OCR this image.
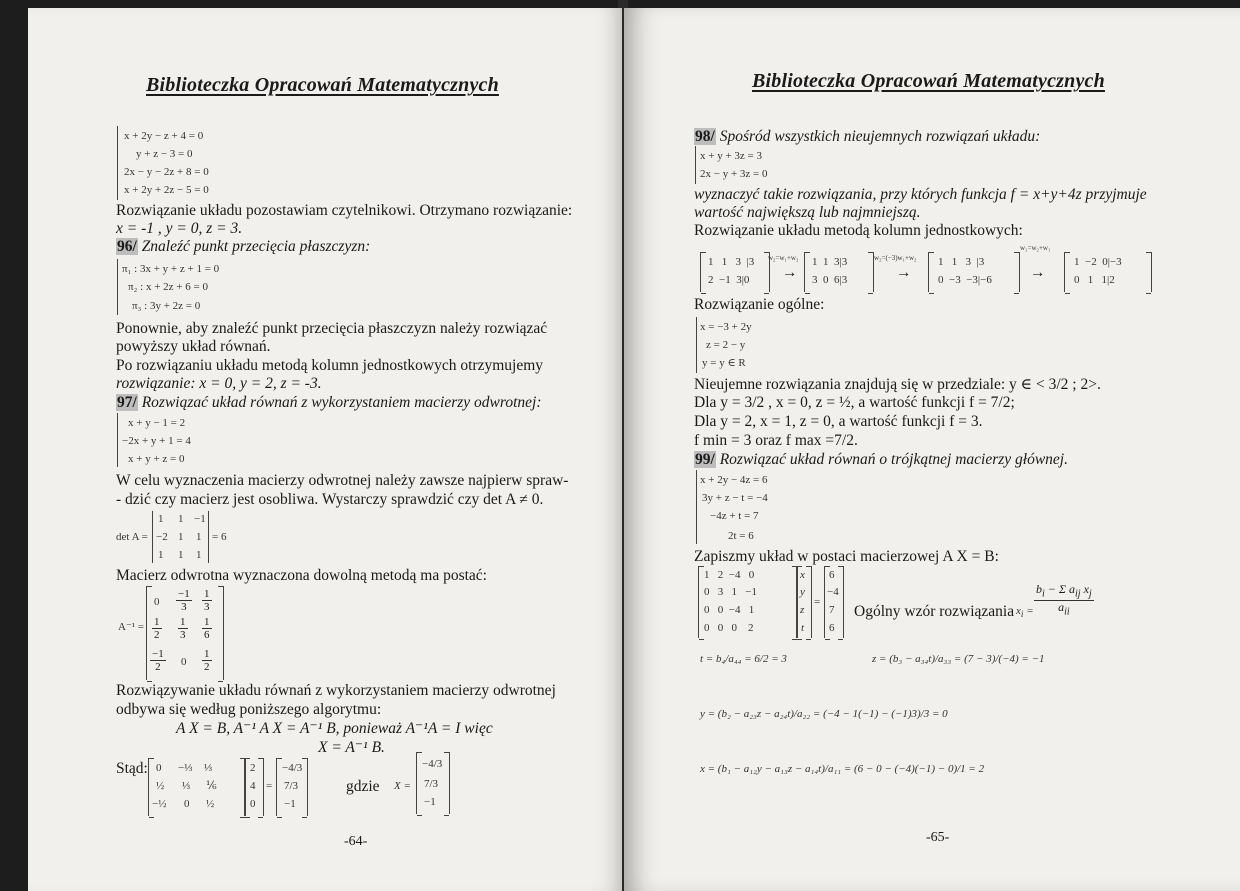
Biblioteczka Opracowań Matematycznych
x + 2y − z + 4 = 0
y + z − 3 = 0
2x − y − 2z + 8 = 0
x + 2y + 2z − 5 = 0
Rozwiązanie układu pozostawiam czytelnikowi. Otrzymano rozwiązanie:
x = -1 , y = 0, z = 3.
96/ Znaleźć punkt przecięcia płaszczyzn:
π₁ : 3x + y + z + 1 = 0
π₂ : x + 2z + 6 = 0
π₃ : 3y + 2z = 0
Ponownie, aby znaleźć punkt przecięcia płaszczyzn należy rozwiązać
powyższy układ równań.
Po rozwiązaniu układu metodą kolumn jednostkowych otrzymujemy
rozwiązanie: x = 0, y = 2, z = -3.
97/ Rozwiązać układ równań z wykorzystaniem macierzy odwrotnej:
x + y − 1 = 2
−2x + y + 1 = 4
x + y + z = 0
W celu wyznaczenia macierzy odwrotnej należy zawsze najpierw spraw-
- dzić czy macierz jest osobliwa. Wystarczy sprawdzić czy det A ≠ 0.
det A =
1 1 −1
−2 1 1
1 1 1
= 6
Macierz odwrotna wyznaczona dowolną metodą ma postać:
A⁻¹ =
0
−1
3
1
3
1
2
1
3
1
6
−1
2	0
1
2
Rozwiązywanie układu równań z wykorzystaniem macierzy odwrotnej
odbywa się według poniższego algorytmu:
A X = B, A⁻¹ A X = A⁻¹ B, ponieważ A⁻¹A = I więc
X = A⁻¹ B.
Stąd: 0 −⅓ ⅓
½ ⅓ ⅙
−½ 0 ½
2
4
0
=
−4/3
7/3
−1
gdzie X =
−4/3
7/3
−1
-64-
Biblioteczka Opracowań Matematycznych
98/ Spośród wszystkich nieujemnych rozwiązań układu:
x + y + 3z = 3
2x − y + 3z = 0
wyznaczyć takie rozwiązania, przy których funkcja f = x+y+4z przyjmuje
wartość największą lub najmniejszą.
Rozwiązanie układu metodą kolumn jednostkowych:
1   1   3  |3
2  −1  3|0
w₂=w₁+w₂
→
1  1  3|3
3  0  6|3
w₂=(−3)w₁+w₂
→
1   1   3  |3
0  −3  −3|−6
w₁=w₂+w₁
→
1  −2  0|−3
0   1   1|2
Rozwiązanie ogólne:
x = −3 + 2y
z = 2 − y
y = y ∈ R
Nieujemne rozwiązania znajdują się w przedziale: y ∈ < 3/2 ; 2>.
Dla y = 3/2 , x = 0, z = ½, a wartość funkcji f = 7/2;
Dla y = 2, x = 1, z = 0, a wartość funkcji f = 3.
f min = 3 oraz f max =7/2.
99/ Rozwiązać układ równań o trójkątnej macierzy głównej.
x + 2y − 4z = 6
3y + z − t = −4
−4z + t = 7
2t = 6
Zapiszmy układ w postaci macierzowej A X = B:
1   2  −4   0
0   3   1   −1
0   0  −4   1
0   0   0    2
x
y
z
t
=
6
−4
7
6
Ogólny wzór rozwiązania
$b_i - \Sigma$ $a_{ij}$ $x_j$
$a_{ii}$
$x_i$ =
t = b₄/a₄₄ = 6/2 = 3	z = (b₃ − a₃₄t)/a₃₃ = (7 − 3)/(−4) = −1
y = (b₂ − a₂₃z − a₂₄t)/a₂₂ = (−4 − 1(−1) − (−1)3)/3 = 0
x = (b₁ − a₁₂y − a₁₃z − a₁₄t)/a₁₁ = (6 − 0 − (−4)(−1) − 0)/1 = 2
-65-
